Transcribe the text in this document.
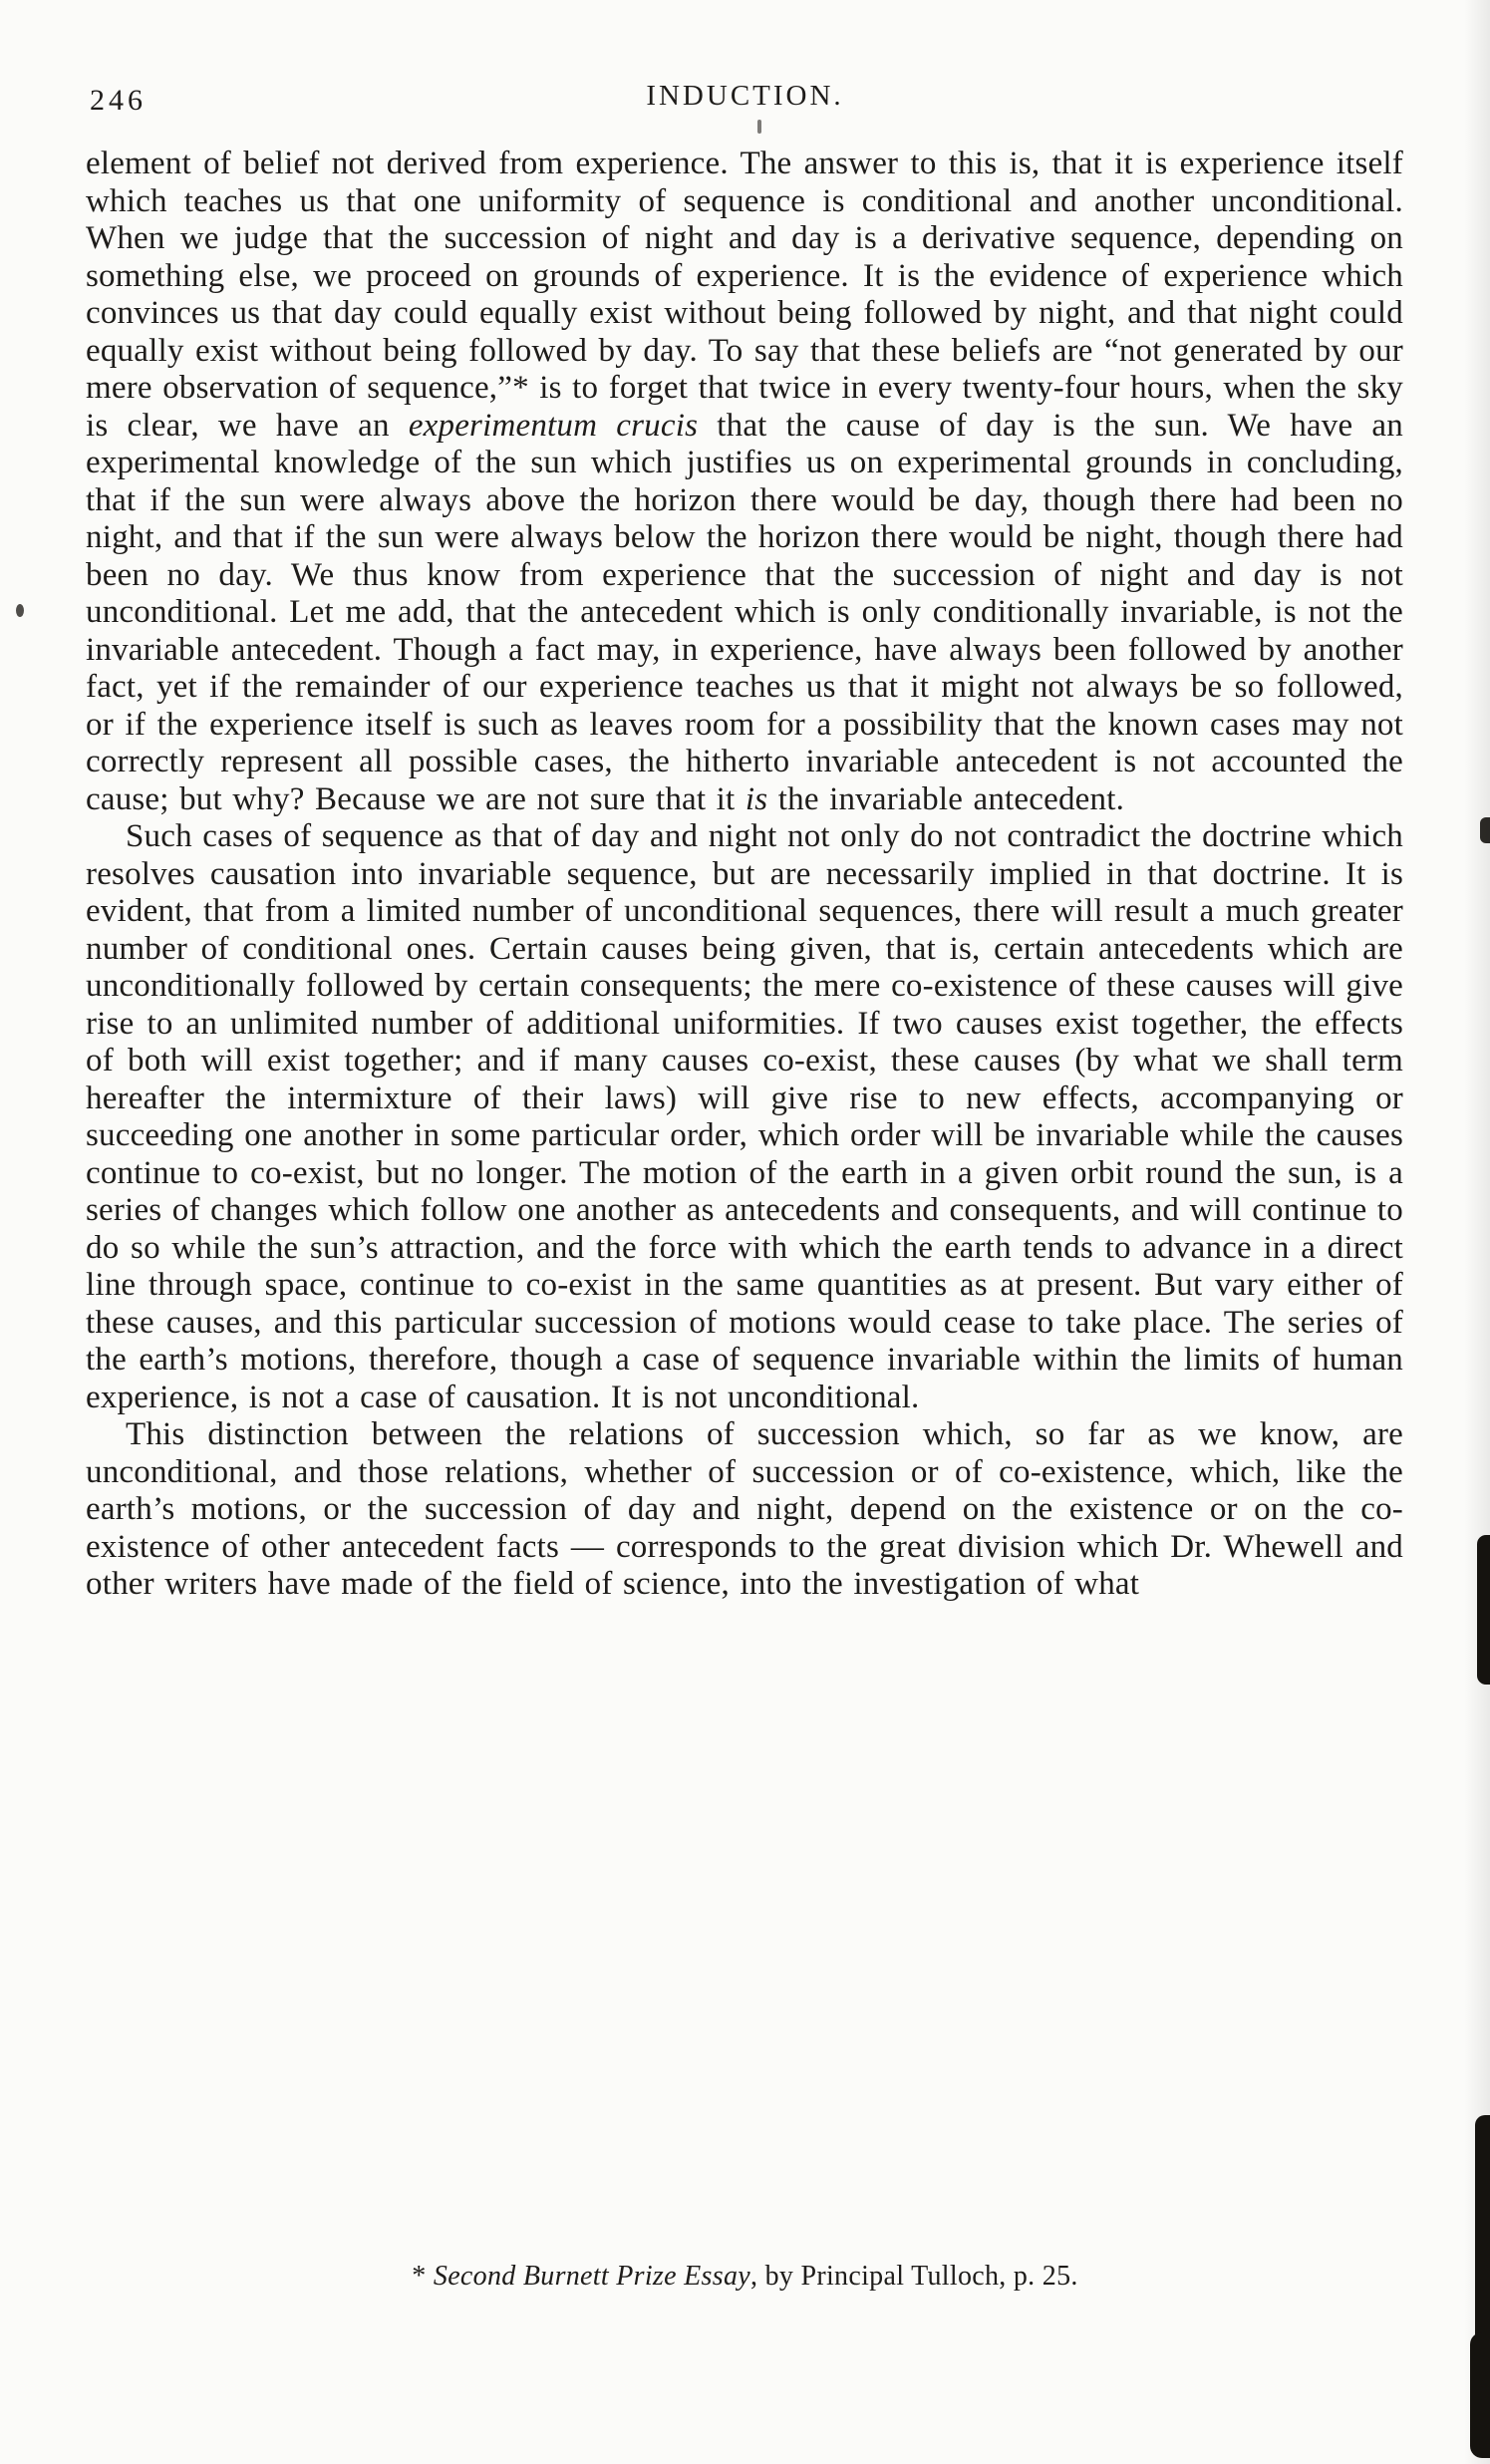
246	INDUCTION.

element of belief not derived from experience. The answer to this is, that it is experience itself which teaches us that one uniformity of sequence is conditional and another unconditional. When we judge that the succession of night and day is a derivative sequence, depending on something else, we proceed on grounds of experience. It is the evidence of experience which convinces us that day could equally exist without being followed by night, and that night could equally exist without being followed by day. To say that these beliefs are “not generated by our mere observation of sequence,”* is to forget that twice in every twenty-four hours, when the sky is clear, we have an experimentum crucis that the cause of day is the sun. We have an experimental knowledge of the sun which justifies us on experimental grounds in concluding, that if the sun were always above the horizon there would be day, though there had been no night, and that if the sun were always below the horizon there would be night, though there had been no day. We thus know from experience that the succession of night and day is not unconditional. Let me add, that the antecedent which is only conditionally invariable, is not the invariable antecedent. Though a fact may, in experience, have always been followed by another fact, yet if the remainder of our experience teaches us that it might not always be so followed, or if the experience itself is such as leaves room for a possibility that the known cases may not correctly represent all possible cases, the hitherto invariable antecedent is not accounted the cause; but why? Because we are not sure that it is the invariable antecedent.

Such cases of sequence as that of day and night not only do not contradict the doctrine which resolves causation into invariable sequence, but are necessarily implied in that doctrine. It is evident, that from a limited number of unconditional sequences, there will result a much greater number of conditional ones. Certain causes being given, that is, certain antecedents which are unconditionally followed by certain consequents; the mere co-existence of these causes will give rise to an unlimited number of additional uniformities. If two causes exist together, the effects of both will exist together; and if many causes co-exist, these causes (by what we shall term hereafter the intermixture of their laws) will give rise to new effects, accompanying or succeeding one another in some particular order, which order will be invariable while the causes continue to co-exist, but no longer. The motion of the earth in a given orbit round the sun, is a series of changes which follow one another as antecedents and consequents, and will continue to do so while the sun’s attraction, and the force with which the earth tends to advance in a direct line through space, continue to co-exist in the same quantities as at present. But vary either of these causes, and this particular succession of motions would cease to take place. The series of the earth’s motions, therefore, though a case of sequence invariable within the limits of human experience, is not a case of causation. It is not unconditional.

This distinction between the relations of succession which, so far as we know, are unconditional, and those relations, whether of succession or of co-existence, which, like the earth’s motions, or the succession of day and night, depend on the existence or on the co-existence of other antecedent facts — corresponds to the great division which Dr. Whewell and other writers have made of the field of science, into the investigation of what

* Second Burnett Prize Essay, by Principal Tulloch, p. 25.
